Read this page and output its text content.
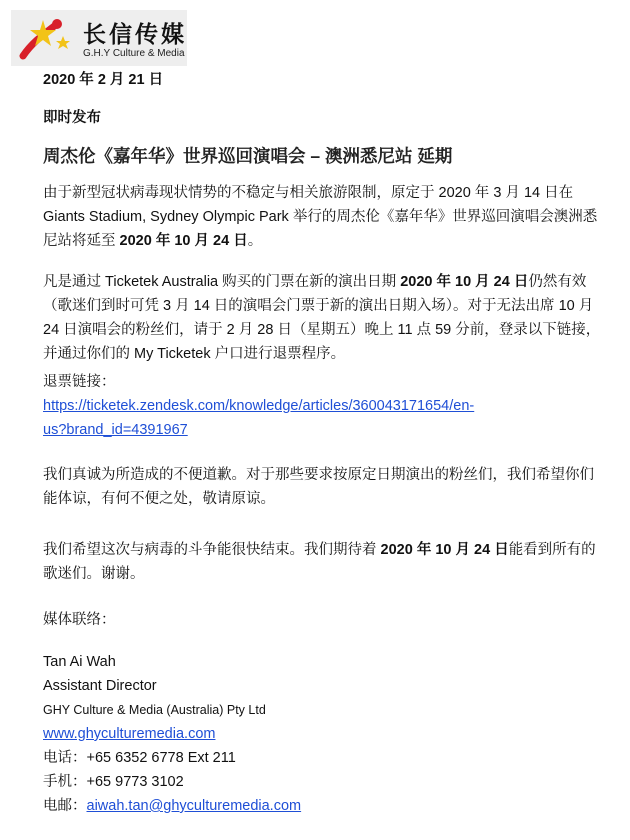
长信传媒
G.H.Y Culture & Media
2020 年 2 月 21 日
即时发布
周杰伦《嘉年华》世界巡回演唱会 – 澳洲悉尼站 延期

由于新型冠状病毒现状情势的不稳定与相关旅游限制，原定于 2020 年 3 月 14 日在 Giants Stadium, Sydney Olympic Park 举行的周杰伦《嘉年华》世界巡回演唱会澳洲悉尼站将延至 2020 年 10 月 24 日。

凡是通过 Ticketek Australia 购买的门票在新的演出日期 2020 年 10 月 24 日仍然有效（歌迷们到时可凭 3 月 14 日的演唱会门票于新的演出日期入场）。对于无法出席 10 月 24 日演唱会的粉丝们，请于 2 月 28 日（星期五）晚上 11 点 59 分前，登录以下链接，并通过你们的 My Ticketek 户口进行退票程序。

退票链接：
https://ticketek.zendesk.com/knowledge/articles/360043171654/en-
us?brand_id=4391967

我们真诚为所造成的不便道歉。对于那些要求按原定日期演出的粉丝们，我们希望你们能体谅，有何不便之处，敬请原谅。

我们希望这次与病毒的斗争能很快结束。我们期待着 2020 年 10 月 24 日能看到所有的歌迷们。谢谢。

媒体联络：
Tan Ai Wah
Assistant Director
GHY Culture & Media (Australia) Pty Ltd
www.ghyculturemedia.com
电话：+65 6352 6778 Ext 211
手机：+65 9773 3102
电邮：aiwah.tan@ghyculturemedia.com
